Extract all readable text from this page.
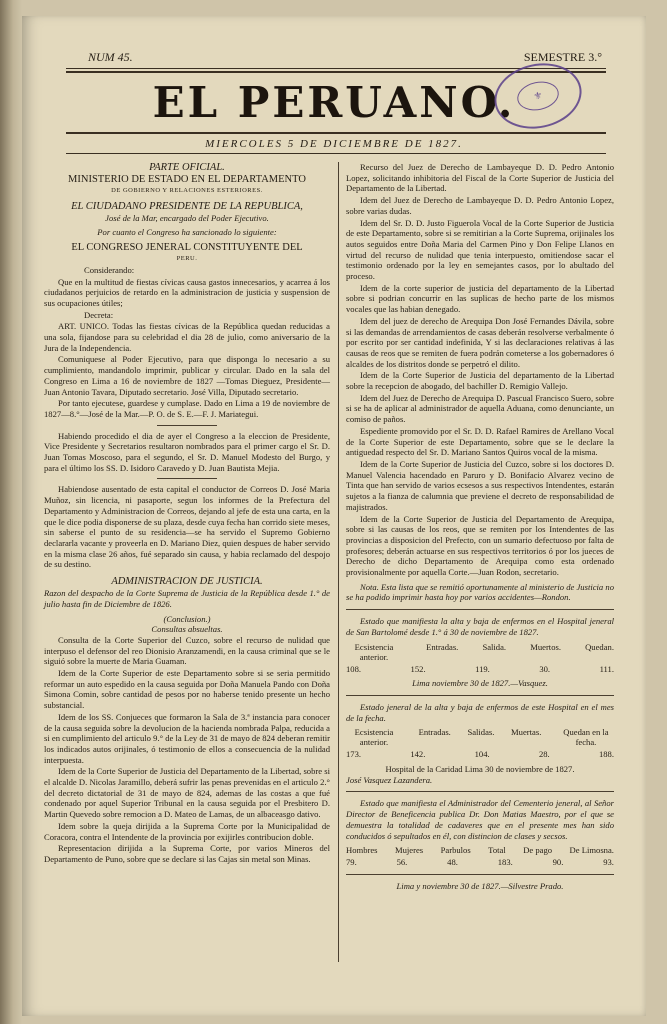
NUM 45.	SEMESTRE 3.°
EL PERUANO.	⚜
MIERCOLES 5 DE DICIEMBRE DE 1827.
PARTE OFICIAL.
MINISTERIO DE ESTADO EN EL DEPARTAMENTO
DE GOBIERNO Y RELACIONES ESTERIORES.
EL CIUDADANO PRESIDENTE DE LA REPUBLICA,
José de la Mar, encargado del Poder Ejecutivo.
Por cuanto el Congreso ha sancionado lo siguiente:
EL CONGRESO JENERAL CONSTITUYENTE DEL
PERU.

Considerando:

Que en la multitud de fiestas cívicas causa gastos innecesarios, y acarrea á los ciudadanos perjuicios de retardo en la administracion de justicia y suspension de sus ocupaciones útiles;

Decreta:

ART. UNICO. Todas las fiestas cívicas de la República quedan reducidas a una sola, fijandose para su celebridad el dia 28 de julio, como aniversario de la Jura de la Independencia.

Comuniquese al Poder Ejecutivo, para que disponga lo necesario a su cumplimiento, mandandolo imprimir, publicar y circular. Dado en la sala del Congreso en Lima a 16 de noviembre de 1827 —Tomas Dieguez, Presidente—Juan Antonio Tavara, Diputado secretario. José Villa, Diputado secretario.

Por tanto ejecutese, guardese y cumplase. Dado en Lima a 19 de noviembre de 1827—8.°—José de la Mar.—P. O. de S. E.—F. J. Mariategui.

Habiendo procedido el dia de ayer el Congreso a la eleccion de Presidente, Vice Presidente y Secretarios resultaron nombrados para el primer cargo el Sr. D. Juan Tomas Moscoso, para el segundo, el Sr. D. Manuel Modesto del Burgo, y para el último los SS. D. Isidoro Caravedo y D. Juan Bautista Mejia.

Habiendose ausentado de esta capital el conductor de Correos D. José Maria Muñoz, sin licencia, ni pasaporte, segun los informes de la Prefectura del Departamento y Administracion de Correos, dejando al jefe de esta una carta, en la que le dice podia disponerse de su plaza, desde cuya fecha han corrido siete meses, sin saberse el punto de su residencia—se ha servido el Supremo Gobierno declararla vacante y proveerla en D. Mariano Diez, quien despues de haber servido en la misma clase 26 años, fué separado sin causa, y habia reclamado del despojo de su destino.

ADMINISTRACION DE JUSTICIA.
Razon del despacho de la Corte Suprema de Justicia de la República desde 1.° de julio hasta fin de Diciembre de 1826.
(Conclusion.)
Consultas absueltas.

Consulta de la Corte Superior del Cuzco, sobre el recurso de nulidad que interpuso el defensor del reo Dionisio Aranzamendi, en la causa criminal que se le siguió sobre la muerte de Maria Guaman.

Idem de la Corte Superior de este Departamento sobre si se seria permitido reformar un auto espedido en la causa seguida por Doña Manuela Pando con Doña Simona Comin, sobre cantidad de pesos por no haberse tenido presente un hecho substancial.

Idem de los SS. Conjueces que formaron la Sala de 3.ª instancia para conocer de la causa seguida sobre la devolucion de la hacienda nombrada Palpa, reducida a si en cumplimiento del articulo 9.° de la Ley de 31 de mayo de 824 deberan remitir los indicados autos orijinales, ó testimonio de ellos a consecuencia de la nulidad interpuesta.

Idem de la Corte Superior de Justicia del Departamento de la Libertad, sobre si el alcalde D. Nicolas Jaramillo, deberá sufrir las penas prevenidas en el articulo 2.° del decreto dictatorial de 31 de mayo de 824, ademas de las costas a que fué condenado por aquel Superior Tribunal en la causa seguida por el Presbitero D. Martin Quevedo sobre remocion a D. Mateo de Lamas, de un albaceasgo dativo.

Idem sobre la queja dirijida a la Suprema Corte por la Municipalidad de Coracora, contra el Intendente de la provincia por exijirles contribucion doble.

Representacion dirijida a la Suprema Corte, por varios Mineros del Departamento de Puno, sobre que se declare si las Cajas sin metal son Minas.

Recurso del Juez de Derecho de Lambayeque D. D. Pedro Antonio Lopez, solicitando inhibitoria del Fiscal de la Corte Superior de Justicia del Departamento de la Libertad.

Idem del Juez de Derecho de Lambayeque D. D. Pedro Antonio Lopez, sobre varias dudas.

Idem del Sr. D. D. Justo Figuerola Vocal de la Corte Superior de Justicia de este Departamento, sobre si se remitirian a la Corte Suprema, orijinales los autos seguidos entre Doña Maria del Carmen Pino y Don Felipe Llanos en virtud del recurso de nulidad que tenia interpuesto, omitiendose sacar el testimonio ordenado por la ley en semejantes casos, por lo abultado del proceso.

Idem de la corte superior de justicia del departamento de la Libertad sobre si podrian concurrir en las suplicas de hecho parte de los mismos vocales que las habian denegado.

Idem del juez de derecho de Arequipa Don José Fernandes Dávila, sobre si las demandas de arrendamientos de casas deberán resolverse verbalmente ó por escrito por ser cantidad indefinida, Y si las declaraciones relativas á las causas de reos que se remiten de fuera podrán cometerse a los gobernadores ó alcaldes de los distritos donde se perpetró el dilito.

Idem de la Corte Superior de Justicia del departamento de la Libertad sobre la recepcion de abogado, del bachiller D. Remigio Vallejo.

Idem del Juez de Derecho de Arequipa D. Pascual Francisco Suero, sobre si se ha de aplicar al administrador de aquella Aduana, como denunciante, un comiso de paños.

Espediente promovido por el Sr. D. D. Rafael Ramires de Arellano Vocal de la Corte Superior de este Departamento, sobre que se le declare la antiguedad respecto del Sr. D. Mariano Santos Quiros vocal de la misma.

Idem de la Corte Superior de Justicia del Cuzco, sobre si los doctores D. Manuel Valencia hacendado en Paruro y D. Bonifacio Alvarez vecino de Tinta que han servido de varios ecsesos a sus respectivos Intendentes, estarán sujetos a la fianza de calumnia que previene el decreto de responsabilidad de majistrados.

Idem de la Corte Superior de Justicia del Departamento de Arequipa, sobre si las causas de los reos, que se remiten por los Intendentes de las provincias a disposicion del Prefecto, con un sumario defectuoso por falta de profesores; deberán actuarse en sus respectivos territorios ó por los jueces de Derecho de dicho Departamento de Arequipa como esta ordenado provisionalmente por aquella Corte.—Juan Rodon, secretario.

Nota. Esta lista que se remitió oportunamente al ministerio de Justicia no se ha podido imprimir hasta hoy por varios accidentes—Rondon.

Estado que manifiesta la alta y baja de enfermos en el Hospital jeneral de San Bartolomé desde 1.° á 30 de noviembre de 1827.

Ecsistencia anterior.
Entradas.	Salida.	Muertos.	Quedan.
108.	152.	119.	30.	111.
Lima noviembre 30 de 1827.—Vasquez.

Estado jeneral de la alta y baja de enfermos de este Hospital en el mes de la fecha.

Ecsistencia anterior.
Entradas. Salidas. Muertas.	Quedan en la fecha.
173.	142.	104.	28.	188.
Hospital de la Caridad Lima 30 de noviembre de 1827.
José Vasquez Lazandera.

Estado que manifiesta el Administrador del Cementerio jeneral, al Señor Director de Beneficencia publica Dr. Don Matias Maestro, por el que se demuestra la totalidad de cadaveres que en el presente mes han sido conducidos ó sepultados en él, con distincion de clases y secsos.

Hombres Mujeres Parbulos Total De pago De Limosna.
79.	56.	48.	183.	90.	93.
Lima y noviembre 30 de 1827.—Silvestre Prado.
